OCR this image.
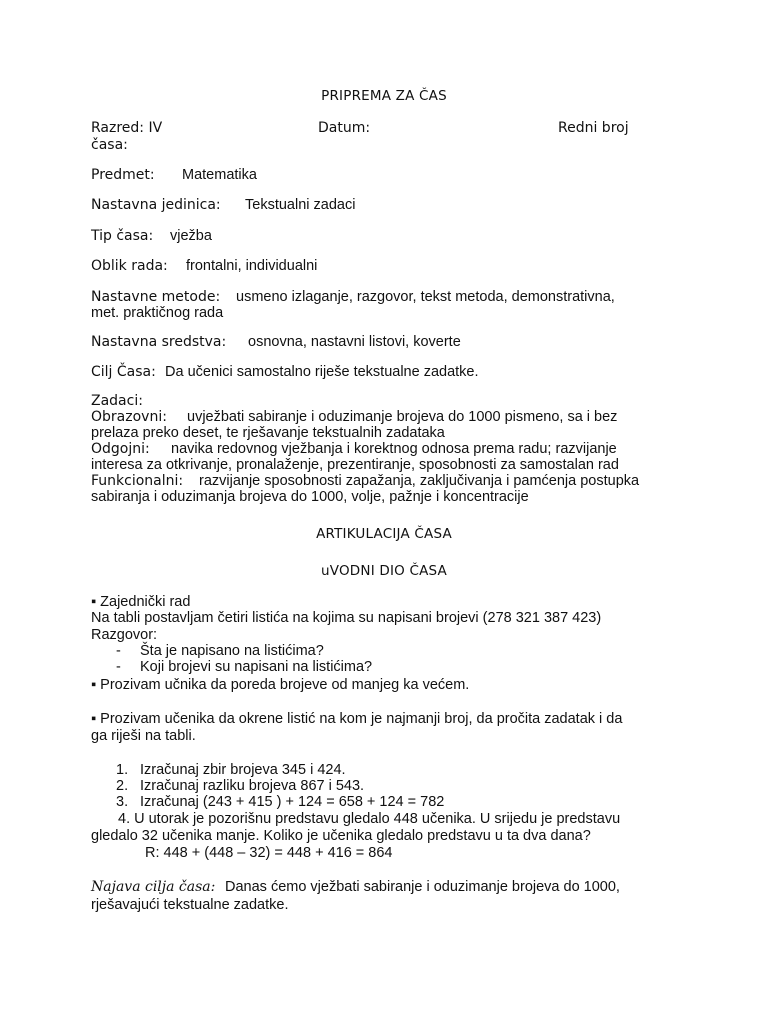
PRIPREMA ZA ČAS
Razred: IV	Datum:	Redni broj
časa:
Predmet: Matematika
Nastavna jedinica: Tekstualni zadaci
Tip časa: vježba
Oblik rada: frontalni, individualni
Nastavne metode: usmeno izlaganje, razgovor, tekst metoda, demonstrativna,
met. praktičnog rada
Nastavna sredstva: osnovna, nastavni listovi, koverte
Cilj Časa: Da učenici samostalno riješe tekstualne zadatke.
Zadaci:
Obrazovni: uvježbati sabiranje i oduzimanje brojeva do 1000 pismeno, sa i bez
prelaza preko deset, te rješavanje tekstualnih zadataka
Odgojni: navika redovnog vježbanja i korektnog odnosa prema radu; razvijanje
interesa za otkrivanje, pronalaženje, prezentiranje, sposobnosti za samostalan rad
Funkcionalni: razvijanje sposobnosti zapažanja, zaključivanja i pamćenja postupka
sabiranja i oduzimanja brojeva do 1000, volje, pažnje i koncentracije
ARTIKULACIJA ČASA
uVODNI DIO ČASA
▪ Zajednički rad
Na tabli postavljam četiri listića na kojima su napisani brojevi (278 321 387 423)
Razgovor:
- Šta je napisano na listićima?
- Koji brojevi su napisani na listićima?
▪ Prozivam učnika da poreda brojeve od manjeg ka većem.
▪ Prozivam učenika da okrene listić na kom je najmanji broj, da pročita zadatak i da
ga riješi na tabli.
1. Izračunaj zbir brojeva 345 i 424.
2. Izračunaj razliku brojeva 867 i 543.
3. Izračunaj (243 + 415 ) + 124 = 658 + 124 = 782
4. U utorak je pozorišnu predstavu gledalo 448 učenika. U srijedu je predstavu
gledalo 32 učenika manje. Koliko je učenika gledalo predstavu u ta dva dana?
R: 448 + (448 – 32) = 448 + 416 = 864
Najava cilja časa: Danas ćemo vježbati sabiranje i oduzimanje brojeva do 1000,
rješavajući tekstualne zadatke.
